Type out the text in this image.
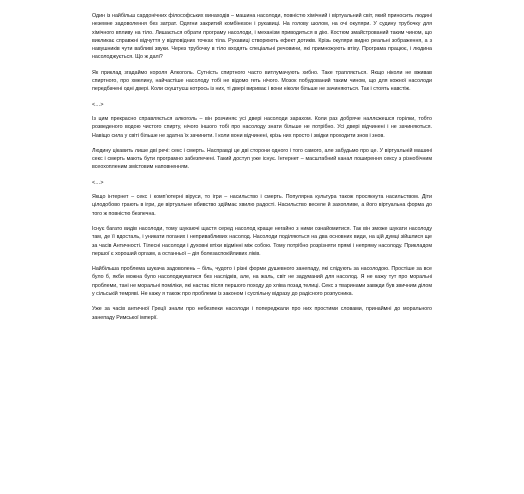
Один із найбільш сардонічних філософських винаходів – машина насолоди, повністю хімічний і віртуальний світ, який приносить людині неземне задоволення без затрат. Одягни закритий комбінезон і рукавиці. На голову шолом, на очі окуляри. У судину трубочку для хімічного впливу на тіло. Лишається обрати програму насолоди, і механізм приводиться в дію. Костюм змайстрований таким чином, що викликає справжні відчуття у відповідних точках тіла. Рукавиці створюють ефект дотиків. Крізь окуляри видно реальні зображення, а з навушників чути вабливі звуки. Через трубочку в тіло входять спеціальні речовини, які примножують втіху. Програма працює, і людина насолоджується. Що ж далі?

Як приклад згадаймо короля Алкоголь. Сутність спиртного часто витлумачують хибно. Таке трапляється. Якщо ніколи не вживав спиртного, про хмелину, найчастіше насолоду тобі не відомо геть нічого. Мозок побудований таким чином, що для кожної насолоди передбачені одні двері. Коли скуштуєш котрось із них, ті двері вириває і вони ніколи більше не зачиняються. Так і стоять навстіж.

<…>

Із цим прекрасно справляється алкоголь – він розчиняє усі двері насолоди зарахом. Коли раз добряче наллєжешся горілки, тобто розведеного водою чистого спирту, нічого іншого тобі про насолоду знати більше не потрібно. Усі двері відчинені і не зачиняються. Навіщо сила у світі більше не здатна їх зачинити. І коли вони відчинені, крізь них просто і звідки проходити знов і знов.

Людину цікавить лише дві речі: секс і смерть. Насправді це дві сторони одного і того самого, але забудьмо про це. У віртуальній машині секс і смерть мають бути програмно забезпечені. Такий доступ уже існує. Інтернет – масштабний канал поширення сексу з різнобічним всеохопленим змістовим наповненням.

<…>

Якщо інтернет – секс і комп’ютерні віруси, то ігри – насильство і смерть. Популярна культура також просякнута насильством. Діти цілодобово грають в ігри, де віртуальне вбивство здіймає хвилю радості. Насильство веселе й захопливе, а його віртуальна форма до того ж повністю безпечна.

Існує багато видів насолоди, тому шукаючі щастя серед насолод краще негайно з ними ознайомитися. Так він зможе шукати насолоду там, де її вдосталь, і уникати поганих і непривабливих насолод. Насолоди поділяються на два основних види, на цій думці зійшлися ще за часів Античності. Тілесні насолоди і духовні втіхи відмінні між собою. Тому потрібно розрізняти прямі і непряму насолоду. Прикладом першої є хороший оргазм, а останньої – дія болезаспокійливих ліків.

Найбільша проблема шукача задоволень – біль, чудото і різні форми душевного занепаду, які слідують за насолодою. Простіше за все було б, якби можна було насолоджуватися без наслідків, але, на жаль, світ не задуманий для насолод. Я не кажу тут про моральні проблеми, тані не моральні поміліки, які настає після першого походу до хліва позад телиці. Секс з тваринами завжди був звичним ділом у сільській темряві. Не кажу я також про проблеми із законом і суспільну відразу до радісного розпусника.

Уже за часів античної Греції знали про небезпеки насолоди і попереджали про них простими словами, принаймні до морального занепаду Римської імперії.
